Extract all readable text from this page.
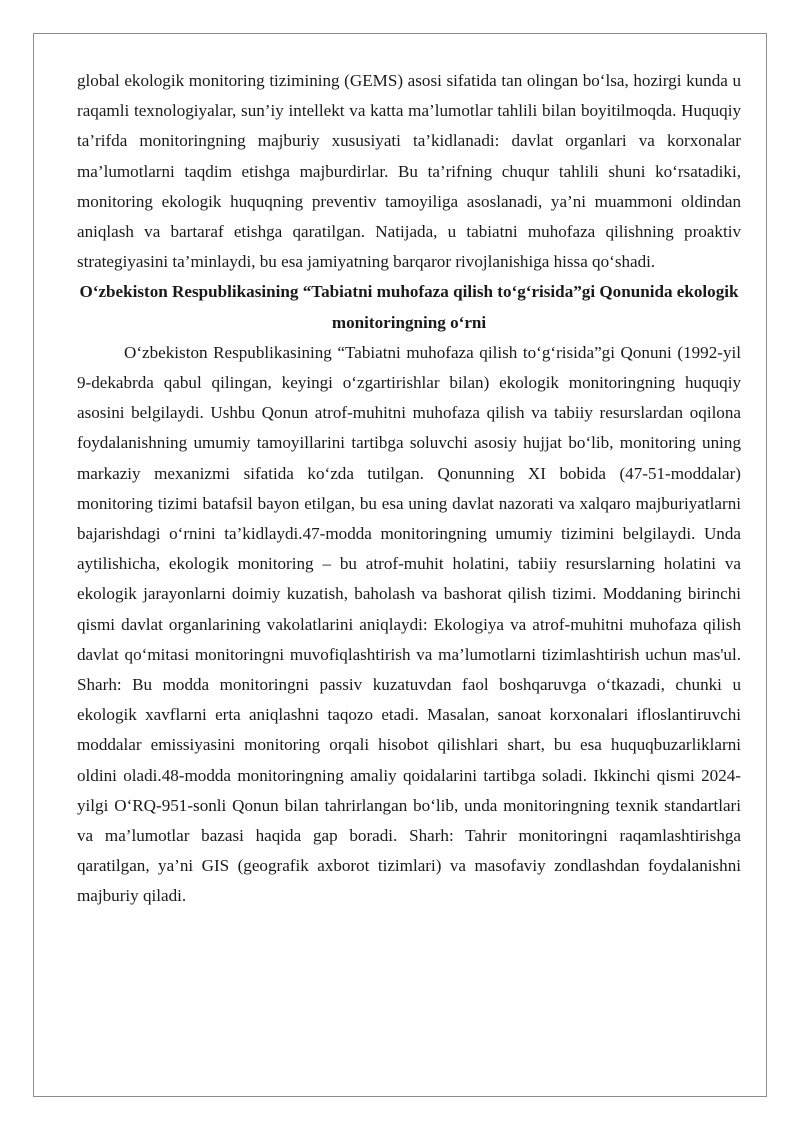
global ekologik monitoring tizimining (GEMS) asosi sifatida tan olingan bo‘lsa, hozirgi kunda u raqamli texnologiyalar, sun’iy intellekt va katta ma’lumotlar tahlili bilan boyitilmoqda. Huquqiy ta’rifda monitoringning majburiy xususiyati ta’kidlanadi: davlat organlari va korxonalar ma’lumotlarni taqdim etishga majburdirlar. Bu ta’rifning chuqur tahlili shuni ko‘rsatadiki, monitoring ekologik huquqning preventiv tamoyiliga asoslanadi, ya’ni muammoni oldindan aniqlash va bartaraf etishga qaratilgan. Natijada, u tabiatni muhofaza qilishning proaktiv strategiyasini ta’minlaydi, bu esa jamiyatning barqaror rivojlanishiga hissa qo‘shadi.

O‘zbekiston Respublikasining “Tabiatni muhofaza qilish to‘g‘risida”gi Qonunida ekologik monitoringning o‘rni

O‘zbekiston Respublikasining “Tabiatni muhofaza qilish to‘g‘risida”gi Qonuni (1992-yil 9-dekabrda qabul qilingan, keyingi o‘zgartirishlar bilan) ekologik monitoringning huquqiy asosini belgilaydi. Ushbu Qonun atrof-muhitni muhofaza qilish va tabiiy resurslardan oqilona foydalanishning umumiy tamoyillarini tartibga soluvchi asosiy hujjat bo‘lib, monitoring uning markaziy mexanizmi sifatida ko‘zda tutilgan. Qonunning XI bobida (47-51-moddalar) monitoring tizimi batafsil bayon etilgan, bu esa uning davlat nazorati va xalqaro majburiyatlarni bajarishdagi o‘rnini ta’kidlaydi.47-modda monitoringning umumiy tizimini belgilaydi. Unda aytilishicha, ekologik monitoring – bu atrof-muhit holatini, tabiiy resurslarning holatini va ekologik jarayonlarni doimiy kuzatish, baholash va bashorat qilish tizimi. Moddaning birinchi qismi davlat organlarining vakolatlarini aniqlaydi: Ekologiya va atrof-muhitni muhofaza qilish davlat qo‘mitasi monitoringni muvofiqlashtirish va ma’lumotlarni tizimlashtirish uchun mas'ul. Sharh: Bu modda monitoringni passiv kuzatuvdan faol boshqaruvga o‘tkazadi, chunki u ekologik xavflarni erta aniqlashni taqozo etadi. Masalan, sanoat korxonalari ifloslantiruvchi moddalar emissiyasini monitoring orqali hisobot qilishlari shart, bu esa huquqbuzarliklarni oldini oladi.48-modda monitoringning amaliy qoidalarini tartibga soladi. Ikkinchi qismi 2024-yilgi O‘RQ-951-sonli Qonun bilan tahrirlangan bo‘lib, unda monitoringning texnik standartlari va ma’lumotlar bazasi haqida gap boradi. Sharh: Tahrir monitoringni raqamlashtirishga qaratilgan, ya’ni GIS (geografik axborot tizimlari) va masofaviy zondlashdan foydalanishni majburiy qiladi.
